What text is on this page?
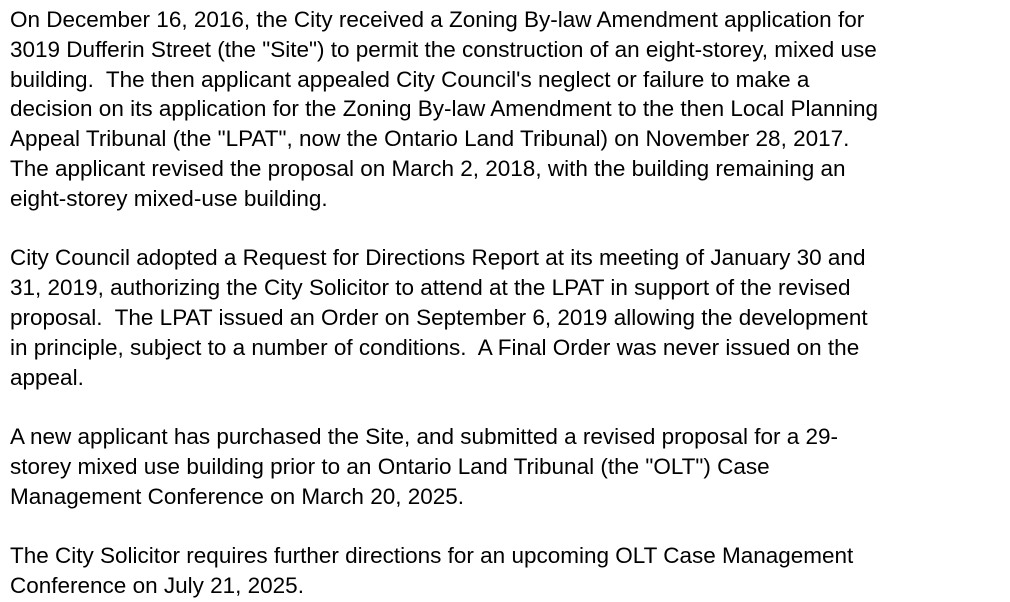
On December 16, 2016, the City received a Zoning By-law Amendment application for
3019 Dufferin Street (the "Site") to permit the construction of an eight-storey, mixed use
building.  The then applicant appealed City Council's neglect or failure to make a
decision on its application for the Zoning By-law Amendment to the then Local Planning
Appeal Tribunal (the "LPAT", now the Ontario Land Tribunal) on November 28, 2017.
The applicant revised the proposal on March 2, 2018, with the building remaining an
eight-storey mixed-use building.
City Council adopted a Request for Directions Report at its meeting of January 30 and
31, 2019, authorizing the City Solicitor to attend at the LPAT in support of the revised
proposal.  The LPAT issued an Order on September 6, 2019 allowing the development
in principle, subject to a number of conditions.  A Final Order was never issued on the
appeal.
A new applicant has purchased the Site, and submitted a revised proposal for a 29-
storey mixed use building prior to an Ontario Land Tribunal (the "OLT") Case
Management Conference on March 20, 2025.
The City Solicitor requires further directions for an upcoming OLT Case Management
Conference on July 21, 2025.
